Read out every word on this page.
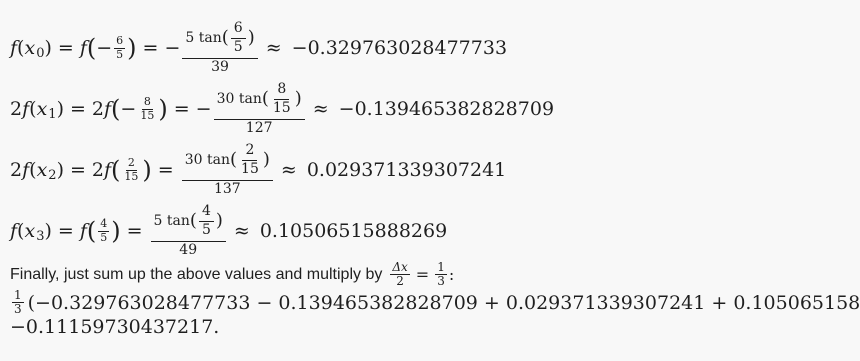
f ( x 0 ) = f ( − $\frac{6}{5}$ ) = − $\frac{5 \tan ( \frac{6}{5} )}{39} \approx -0.329763028477733$
2 f ( x 1 ) = 2 f ( − $\frac{8}{15}$ ) = − $\frac{30 \tan ( \frac{8}{15} )}{127} \approx -0.139465382828709$
2 f ( x 2 ) = 2 f ( $\frac{2}{15}$ ) = $\frac{30 \tan ( \frac{2}{15} )}{137} \approx 0.029371339307241$
f ( x 3 ) = f ( $\frac{4}{5}$ ) = $\frac{5 \tan ( \frac{4}{5} )}{49} \approx 0.10506515888269$
Finally, just sum up the above values and multiply by $\frac{\Delta x}{2} = \frac{1}{3}$ :
$\frac{1}{3} (-0.329763028477733 - 0.139465382828709 + 0.029371339307241 + 0.105065158$
−0.11159730437217.
